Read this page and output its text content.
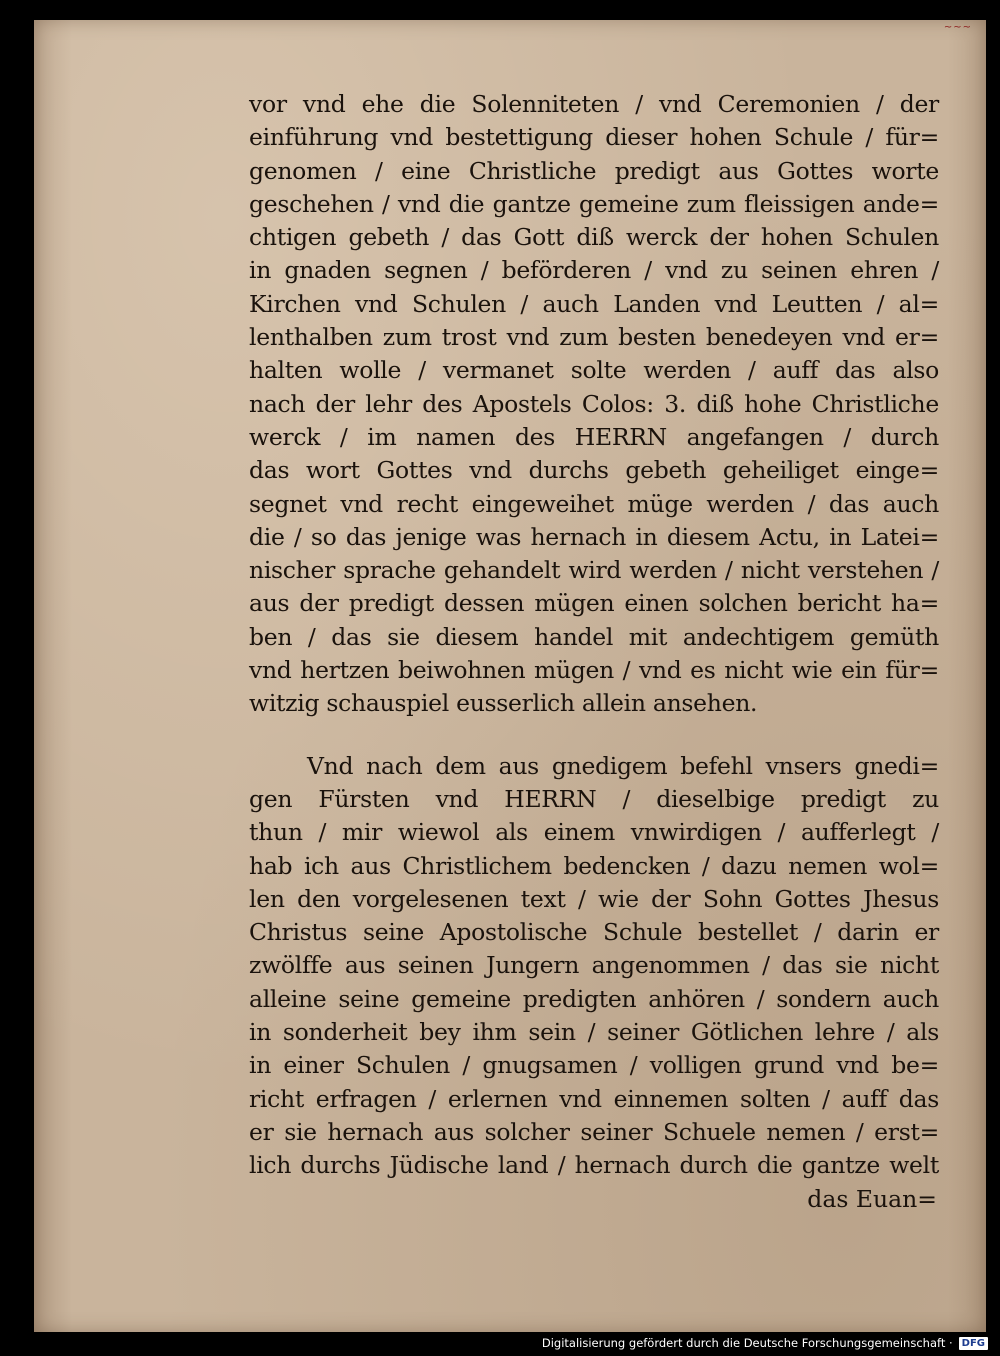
~~~
vor vnd ehe die Solenniteten / vnd Ceremonien / der
einführung vnd bestettigung dieser hohen Schule / für=
genomen / eine Christliche predigt aus Gottes worte
geschehen / vnd die gantze gemeine zum fleissigen ande=
chtigen gebeth / das Gott diß werck der hohen Schulen
in gnaden segnen / beförderen / vnd zu seinen ehren /
Kirchen vnd Schulen / auch Landen vnd Leutten / al=
lenthalben zum trost vnd zum besten benedeyen vnd er=
halten wolle / vermanet solte werden / auff das also
nach der lehr des Apostels Colos: 3. diß hohe Christliche
werck / im namen des HERRN angefangen / durch
das wort Gottes vnd durchs gebeth geheiliget einge=
segnet vnd recht eingeweihet müge werden / das auch
die / so das jenige was hernach in diesem Actu, in Latei=
nischer sprache gehandelt wird werden / nicht verstehen /
aus der predigt dessen mügen einen solchen bericht ha=
ben / das sie diesem handel mit andechtigem gemüth
vnd hertzen beiwohnen mügen / vnd es nicht wie ein für=
witzig schauspiel eusserlich allein ansehen.
Vnd nach dem aus gnedigem befehl vnsers gnedi=
gen Fürsten vnd HERRN / dieselbige predigt zu
thun / mir wiewol als einem vnwirdigen / aufferlegt /
hab ich aus Christlichem bedencken / dazu nemen wol=
len den vorgelesenen text / wie der Sohn Gottes Jhesus
Christus seine Apostolische Schule bestellet / darin er
zwölffe aus seinen Jungern angenommen / das sie nicht
alleine seine gemeine predigten anhören / sondern auch
in sonderheit bey ihm sein / seiner Götlichen lehre / als
in einer Schulen / gnugsamen / volligen grund vnd be=
richt erfragen / erlernen vnd einnemen solten / auff das
er sie hernach aus solcher seiner Schuele nemen / erst=
lich durchs Jüdische land / hernach durch die gantze welt
das Euan=
Digitalisierung gefördert durch die Deutsche Forschungsgemeinschaft · DFG
